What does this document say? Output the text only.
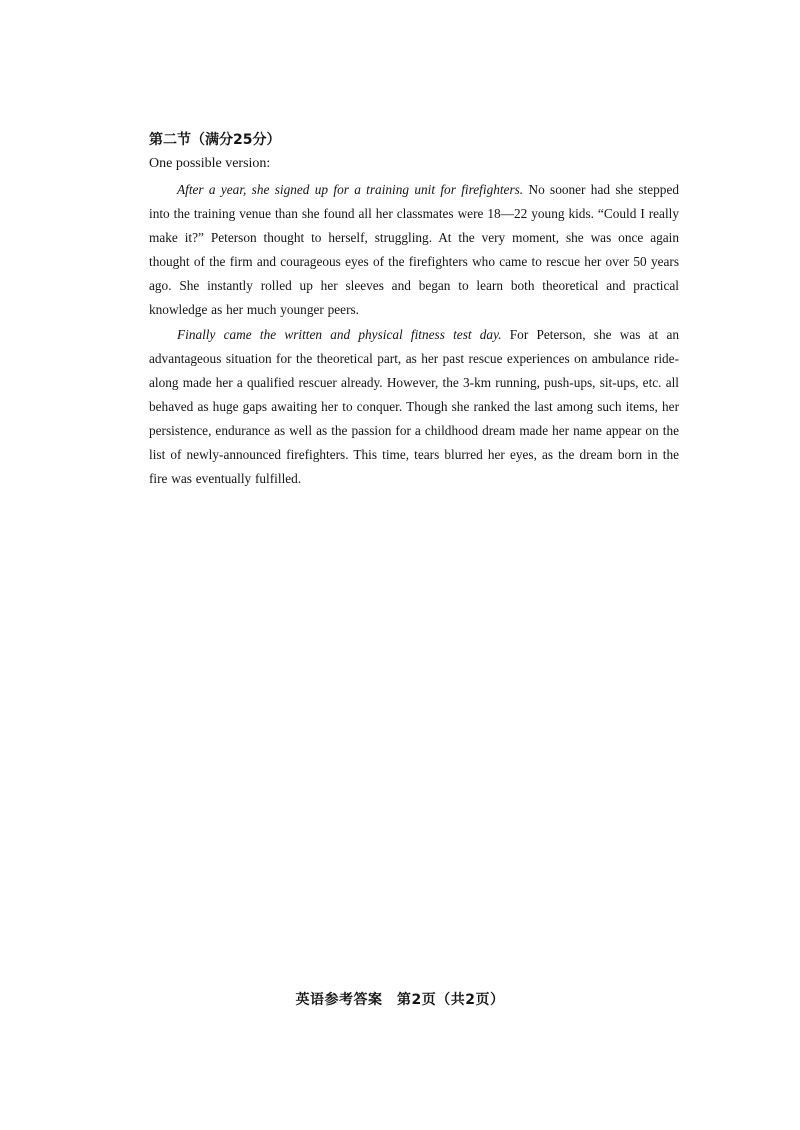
第二节（满分25分）

One possible version:

After a year, she signed up for a training unit for firefighters. No sooner had she stepped into the training venue than she found all her classmates were 18—22 young kids. “Could I really make it?” Peterson thought to herself, struggling. At the very moment, she was once again thought of the firm and courageous eyes of the firefighters who came to rescue her over 50 years ago. She instantly rolled up her sleeves and began to learn both theoretical and practical knowledge as her much younger peers.

Finally came the written and physical fitness test day. For Peterson, she was at an advantageous situation for the theoretical part, as her past rescue experiences on ambulance ride-along made her a qualified rescuer already. However, the 3-km running, push-ups, sit-ups, etc. all behaved as huge gaps awaiting her to conquer. Though she ranked the last among such items, her persistence, endurance as well as the passion for a childhood dream made her name appear on the list of newly-announced firefighters. This time, tears blurred her eyes, as the dream born in the fire was eventually fulfilled.

英语参考答案　第2页（共2页）
